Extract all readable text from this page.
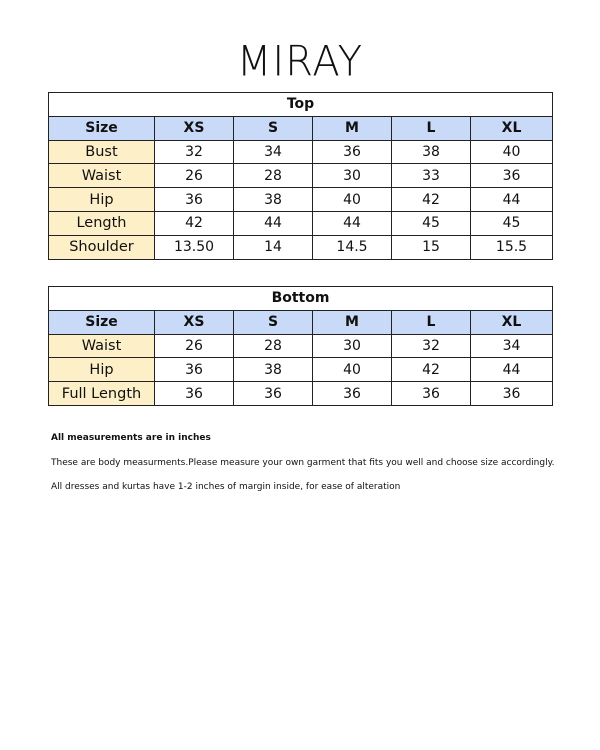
MIRAY
Top					
Size	XS	S	M	L	XL
Bust	32	34	36	38	40
Waist	26	28	30	33	36
Hip	36	38	40	42	44
Length	42	44	44	45	45
Shoulder	13.50	14	14.5	15	15.5
Bottom					
Size	XS	S	M	L	XL
Waist	26	28	30	32	34
Hip	36	38	40	42	44
Full Length	36	36	36	36	36
All measurements are in inches
These are body measurments.Please measure your own garment that fits you well and choose size accordingly.
All dresses and kurtas have 1-2 inches of margin inside, for ease of alteration
